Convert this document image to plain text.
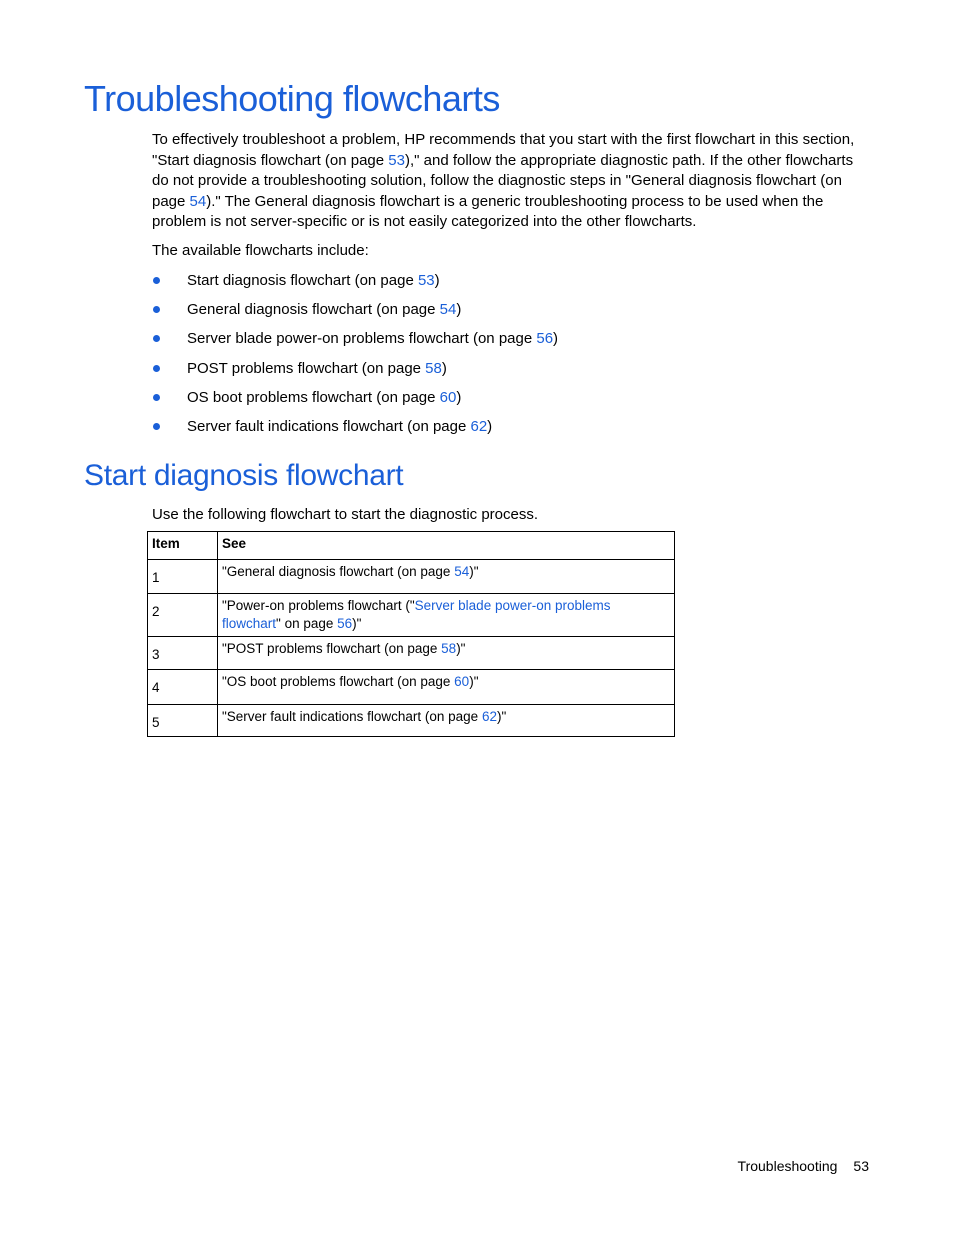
Troubleshooting flowcharts

To effectively troubleshoot a problem, HP recommends that you start with the first flowchart in this section,
"Start diagnosis flowchart (on page 53)," and follow the appropriate diagnostic path. If the other flowcharts
do not provide a troubleshooting solution, follow the diagnostic steps in "General diagnosis flowchart (on
page 54)." The General diagnosis flowchart is a generic troubleshooting process to be used when the
problem is not server-specific or is not easily categorized into the other flowcharts.

The available flowcharts include:

Start diagnosis flowchart (on page 53)
General diagnosis flowchart (on page 54)
Server blade power-on problems flowchart (on page 56)
POST problems flowchart (on page 58)
OS boot problems flowchart (on page 60)
Server fault indications flowchart (on page 62)
Start diagnosis flowchart

Use the following flowchart to start the diagnostic process.

Item	See
1	"General diagnosis flowchart (on page 54)"
2	"Power-on problems flowchart ("Server blade power-on problems
flowchart" on page 56)"
3	"POST problems flowchart (on page 58)"
4	"OS boot problems flowchart (on page 60)"
5	"Server fault indications flowchart (on page 62)"
Troubleshooting 53
